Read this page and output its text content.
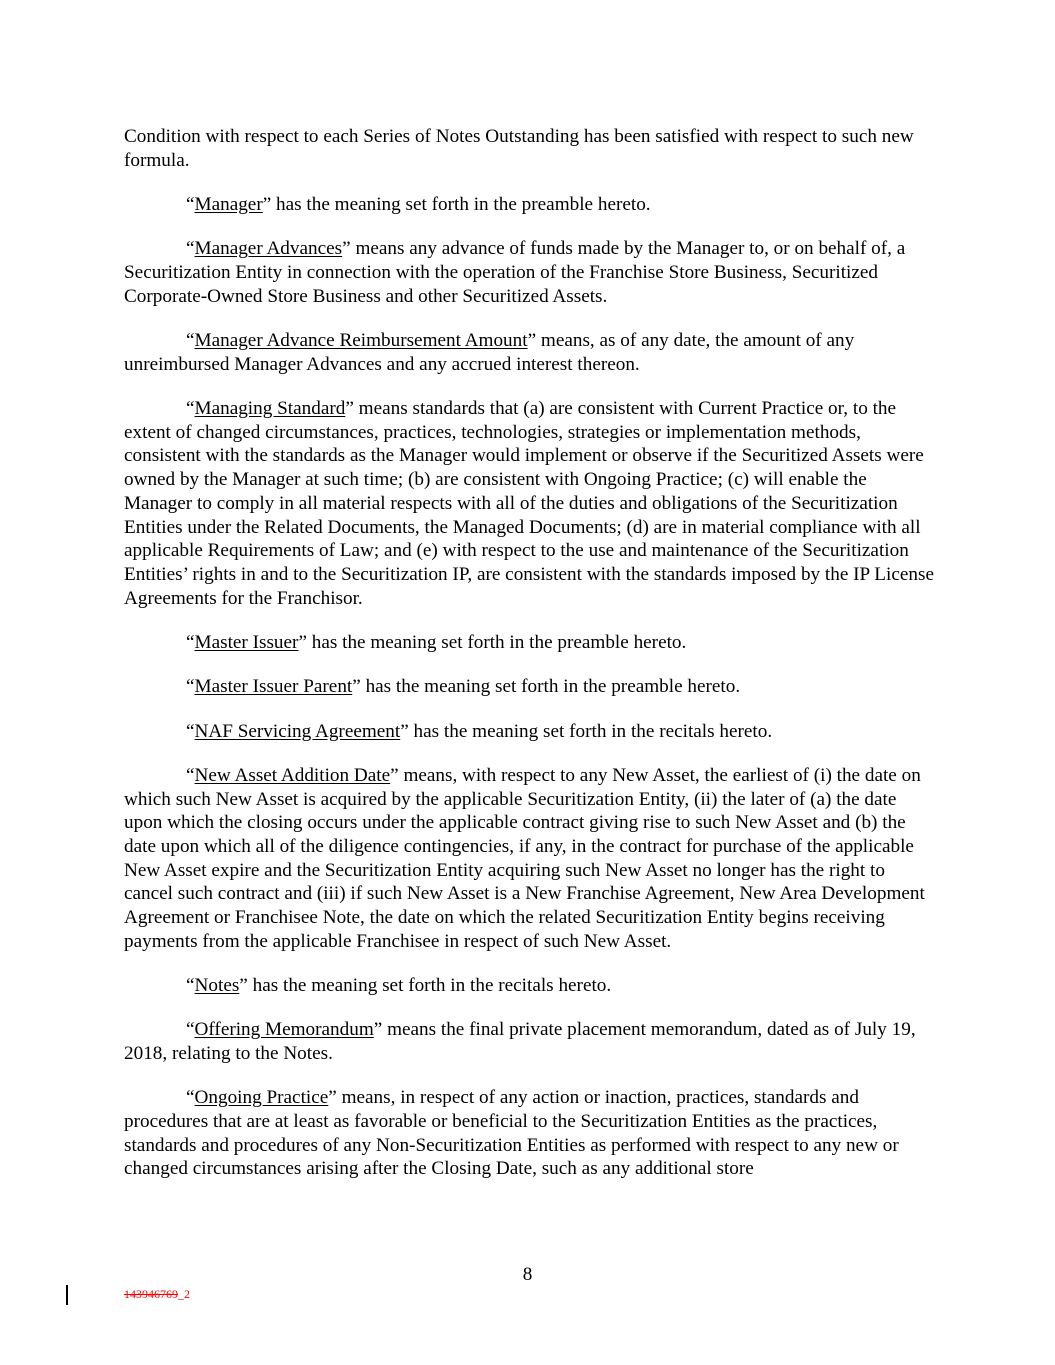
Condition with respect to each Series of Notes Outstanding has been satisfied with respect to such new formula.

“Manager” has the meaning set forth in the preamble hereto.

“Manager Advances” means any advance of funds made by the Manager to, or on behalf of, a Securitization Entity in connection with the operation of the Franchise Store Business, Securitized Corporate-Owned Store Business and other Securitized Assets.

“Manager Advance Reimbursement Amount” means, as of any date, the amount of any unreimbursed Manager Advances and any accrued interest thereon.

“Managing Standard” means standards that (a) are consistent with Current Practice or, to the extent of changed circumstances, practices, technologies, strategies or implementation methods, consistent with the standards as the Manager would implement or observe if the Securitized Assets were owned by the Manager at such time; (b) are consistent with Ongoing Practice; (c) will enable the Manager to comply in all material respects with all of the duties and obligations of the Securitization Entities under the Related Documents, the Managed Documents; (d) are in material compliance with all applicable Requirements of Law; and (e) with respect to the use and maintenance of the Securitization Entities’ rights in and to the Securitization IP, are consistent with the standards imposed by the IP License Agreements for the Franchisor.

“Master Issuer” has the meaning set forth in the preamble hereto.

“Master Issuer Parent” has the meaning set forth in the preamble hereto.

“NAF Servicing Agreement” has the meaning set forth in the recitals hereto.

“New Asset Addition Date” means, with respect to any New Asset, the earliest of (i) the date on which such New Asset is acquired by the applicable Securitization Entity, (ii) the later of (a) the date upon which the closing occurs under the applicable contract giving rise to such New Asset and (b) the date upon which all of the diligence contingencies, if any, in the contract for purchase of the applicable New Asset expire and the Securitization Entity acquiring such New Asset no longer has the right to cancel such contract and (iii) if such New Asset is a New Franchise Agreement, New Area Development Agreement or Franchisee Note, the date on which the related Securitization Entity begins receiving payments from the applicable Franchisee in respect of such New Asset.

“Notes” has the meaning set forth in the recitals hereto.

“Offering Memorandum” means the final private placement memorandum, dated as of July 19, 2018, relating to the Notes.

“Ongoing Practice” means, in respect of any action or inaction, practices, standards and procedures that are at least as favorable or beneficial to the Securitization Entities as the practices, standards and procedures of any Non-Securitization Entities as performed with respect to any new or changed circumstances arising after the Closing Date, such as any additional store

8
143946769_2
